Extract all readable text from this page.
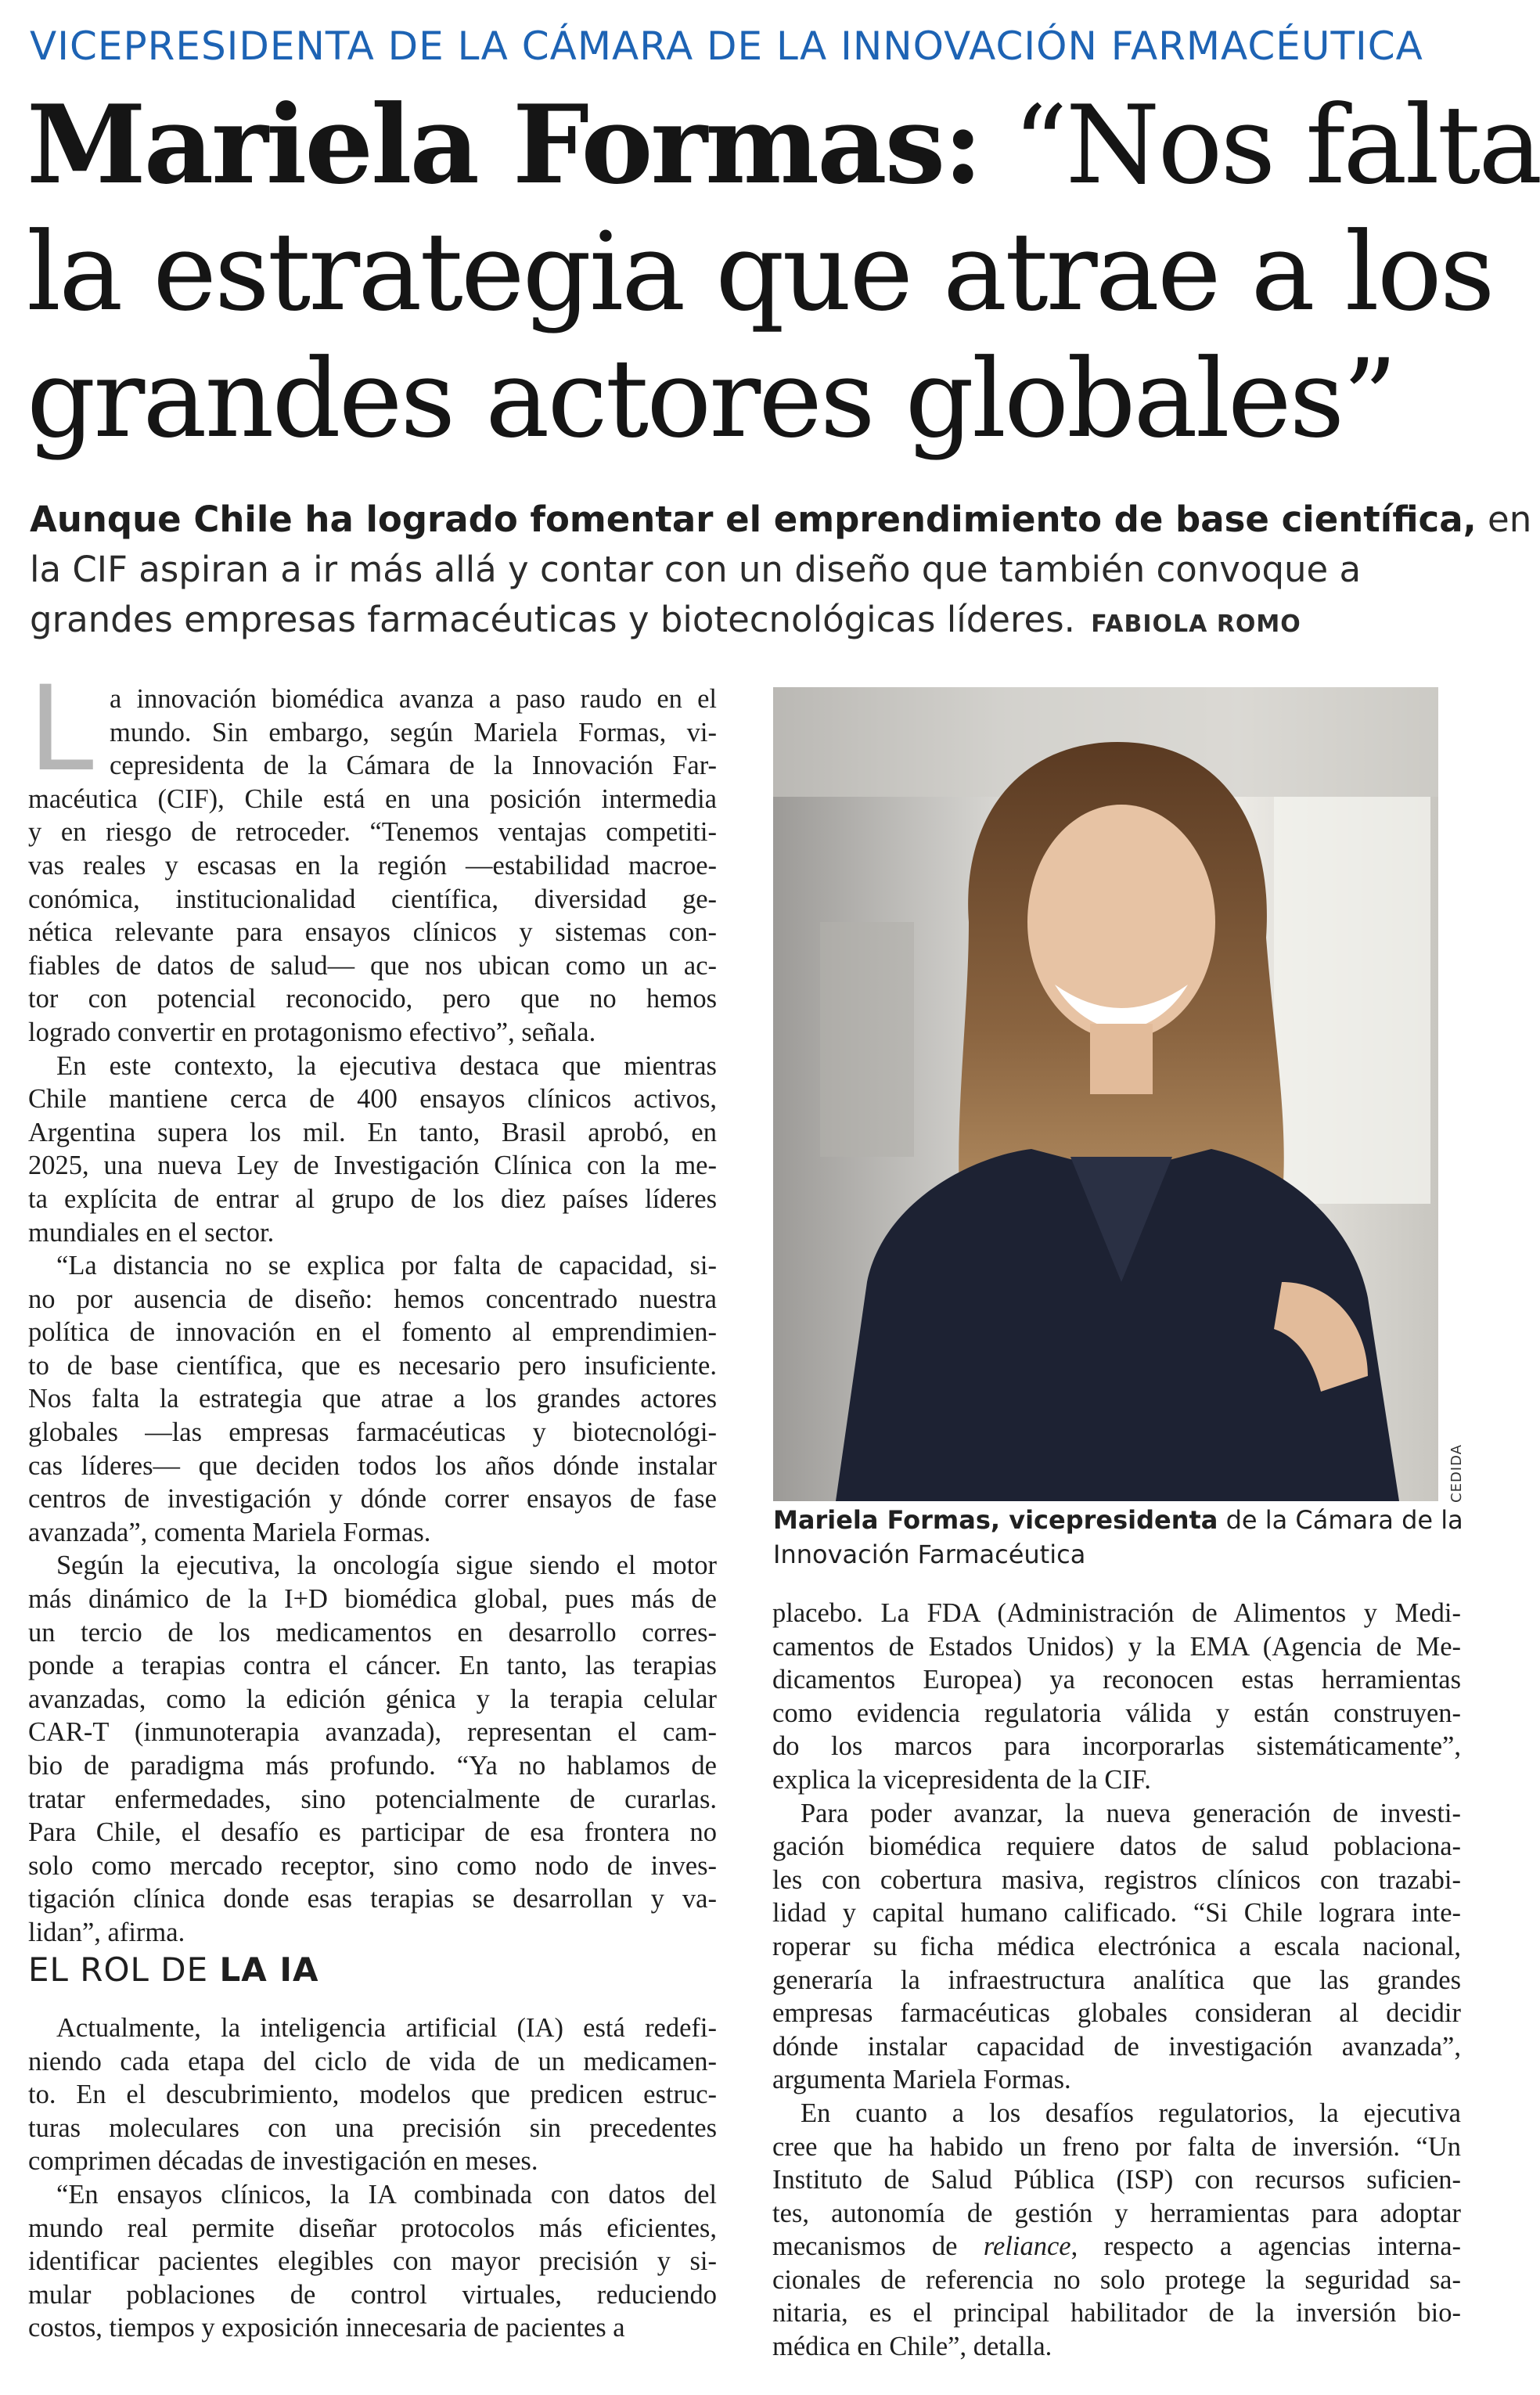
VICEPRESIDENTA DE LA CÁMARA DE LA INNOVACIÓN FARMACÉUTICA
Mariela Formas: “Nos falta
la estrategia que atrae a los
grandes actores globales”
Aunque Chile ha logrado fomentar el emprendimiento de base científica, en
la CIF aspiran a ir más allá y contar con un diseño que también convoque a
grandes empresas farmacéuticas y biotecnológicas líderes. FABIOLA ROMO
L a innovación biomédica avanza a paso raudo en el
mundo. Sin embargo, según Mariela Formas, vi-
cepresidenta de la Cámara de la Innovación Far-
macéutica (CIF), Chile está en una posición intermedia
y en riesgo de retroceder. “Tenemos ventajas competiti-
vas reales y escasas en la región —estabilidad macroe-
conómica, institucionalidad científica, diversidad ge-
nética relevante para ensayos clínicos y sistemas con-
fiables de datos de salud— que nos ubican como un ac-
tor con potencial reconocido, pero que no hemos
logrado convertir en protagonismo efectivo”, señala.
En este contexto, la ejecutiva destaca que mientras
Chile mantiene cerca de 400 ensayos clínicos activos,
Argentina supera los mil. En tanto, Brasil aprobó, en
2025, una nueva Ley de Investigación Clínica con la me-
ta explícita de entrar al grupo de los diez países líderes
mundiales en el sector.
“La distancia no se explica por falta de capacidad, si-
no por ausencia de diseño: hemos concentrado nuestra
política de innovación en el fomento al emprendimien-
to de base científica, que es necesario pero insuficiente.
Nos falta la estrategia que atrae a los grandes actores
globales —las empresas farmacéuticas y biotecnológi-
cas líderes— que deciden todos los años dónde instalar
centros de investigación y dónde correr ensayos de fase
avanzada”, comenta Mariela Formas.
Según la ejecutiva, la oncología sigue siendo el motor
más dinámico de la I+D biomédica global, pues más de
un tercio de los medicamentos en desarrollo corres-
ponde a terapias contra el cáncer. En tanto, las terapias
avanzadas, como la edición génica y la terapia celular
CAR-T (inmunoterapia avanzada), representan el cam-
bio de paradigma más profundo. “Ya no hablamos de
tratar enfermedades, sino potencialmente de curarlas.
Para Chile, el desafío es participar de esa frontera no
solo como mercado receptor, sino como nodo de inves-
tigación clínica donde esas terapias se desarrollan y va-
lidan”, afirma.
EL ROL DE LA IA
Actualmente, la inteligencia artificial (IA) está redefi-
niendo cada etapa del ciclo de vida de un medicamen-
to. En el descubrimiento, modelos que predicen estruc-
turas moleculares con una precisión sin precedentes
comprimen décadas de investigación en meses.
“En ensayos clínicos, la IA combinada con datos del
mundo real permite diseñar protocolos más eficientes,
identificar pacientes elegibles con mayor precisión y si-
mular poblaciones de control virtuales, reduciendo
costos, tiempos y exposición innecesaria de pacientes a
CEDIDA
Mariela Formas, vicepresidenta de la Cámara de la
Innovación Farmacéutica
placebo. La FDA (Administración de Alimentos y Medi-
camentos de Estados Unidos) y la EMA (Agencia de Me-
dicamentos Europea) ya reconocen estas herramientas
como evidencia regulatoria válida y están construyen-
do los marcos para incorporarlas sistemáticamente”,
explica la vicepresidenta de la CIF.
Para poder avanzar, la nueva generación de investi-
gación biomédica requiere datos de salud poblaciona-
les con cobertura masiva, registros clínicos con trazabi-
lidad y capital humano calificado. “Si Chile lograra inte-
roperar su ficha médica electrónica a escala nacional,
generaría la infraestructura analítica que las grandes
empresas farmacéuticas globales consideran al decidir
dónde instalar capacidad de investigación avanzada”,
argumenta Mariela Formas.
En cuanto a los desafíos regulatorios, la ejecutiva
cree que ha habido un freno por falta de inversión. “Un
Instituto de Salud Pública (ISP) con recursos suficien-
tes, autonomía de gestión y herramientas para adoptar
mecanismos de reliance, respecto a agencias interna-
cionales de referencia no solo protege la seguridad sa-
nitaria, es el principal habilitador de la inversión bio-
médica en Chile”, detalla.
